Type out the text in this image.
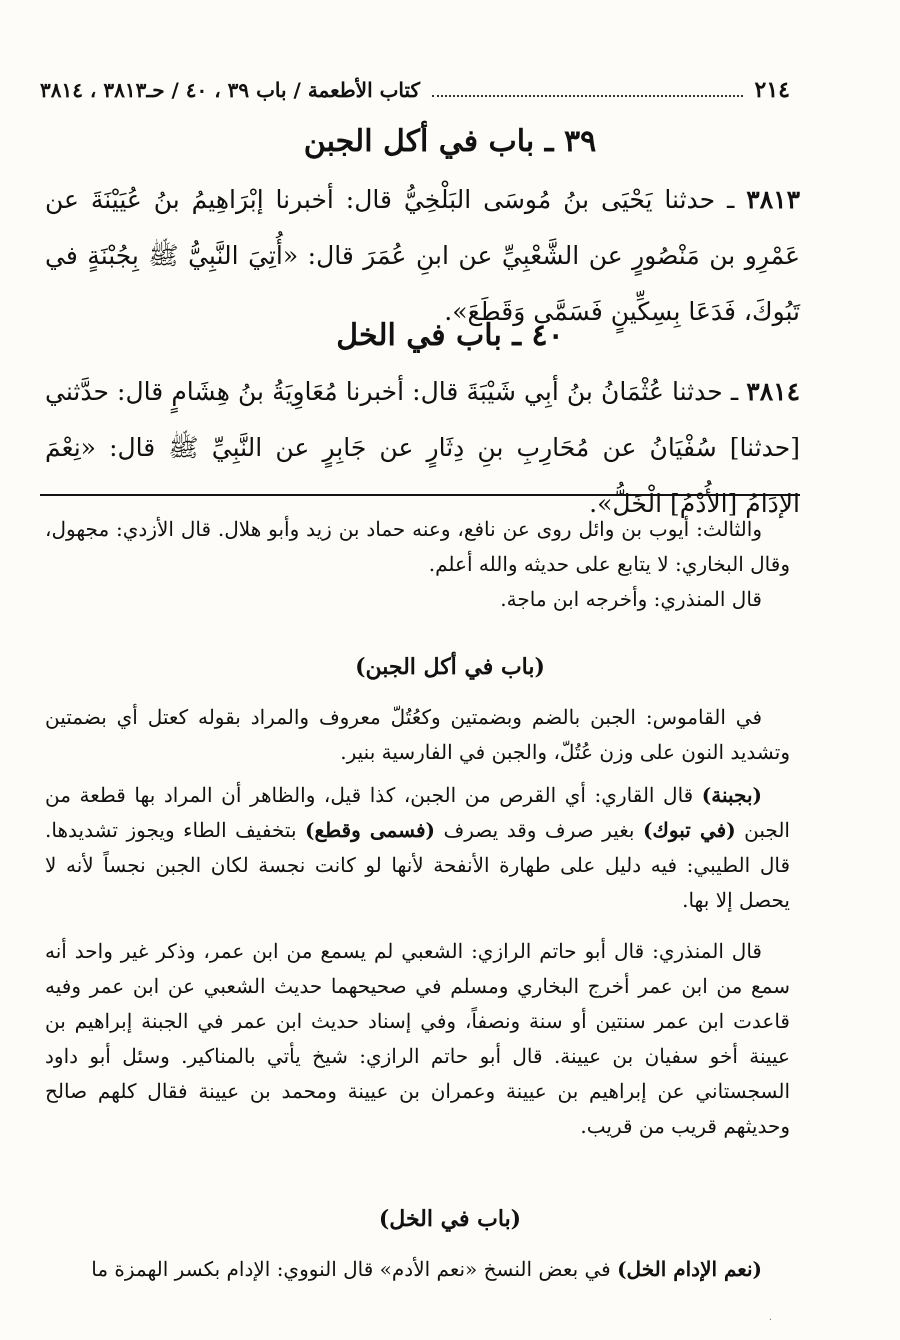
٢١٤
كتاب الأطعمة / باب ٣٩ ، ٤٠ / حـ٣٨١٣ ، ٣٨١٤
٣٩ ـ باب في أكل الجبن
٣٨١٣ ـ حدثنا يَحْيَى بنُ مُوسَى البَلْخِيُّ قال: أخبرنا إبْرَاهِيمُ بنُ عُيَيْنَةَ عن عَمْرِو بن مَنْصُورٍ عن الشَّعْبِيِّ عن ابنِ عُمَرَ قال: «أُتِيَ النَّبِيُّ ﷺ بِجُبْنَةٍ في تَبُوكَ، فَدَعَا بِسِكِّينٍ فَسَمَّى وَقَطَعَ».
٤٠ ـ باب في الخل
٣٨١٤ ـ حدثنا عُثْمَانُ بنُ أبِي شَيْبَةَ قال: أخبرنا مُعَاوِيَةُ بنُ هِشَامٍ قال: حدَّثني [حدثنا] سُفْيَانُ عن مُحَارِبِ بنِ دِثَارٍ عن جَابِرٍ عن النَّبِيِّ ﷺ قال: «نِعْمَ الإدَامُ [الأُدْمُ] الْخَلُّ».

والثالث: أيوب بن وائل روى عن نافع، وعنه حماد بن زيد وأبو هلال. قال الأزدي: مجهول، وقال البخاري: لا يتابع على حديثه والله أعلم.

قال المنذري: وأخرجه ابن ماجة.

(باب في أكل الجبن)

في القاموس: الجبن بالضم وبضمتين وكعُتُلّ معروف والمراد بقوله كعتل أي بضمتين وتشديد النون على وزن عُتُلّ، والجبن في الفارسية بنير.

(بجبنة) قال القاري: أي القرص من الجبن، كذا قيل، والظاهر أن المراد بها قطعة من الجبن (في تبوك) بغير صرف وقد يصرف (فسمى وقطع) بتخفيف الطاء ويجوز تشديدها. قال الطيبي: فيه دليل على طهارة الأنفحة لأنها لو كانت نجسة لكان الجبن نجساً لأنه لا يحصل إلا بها.

قال المنذري: قال أبو حاتم الرازي: الشعبي لم يسمع من ابن عمر، وذكر غير واحد أنه سمع من ابن عمر أخرج البخاري ومسلم في صحيحهما حديث الشعبي عن ابن عمر وفيه قاعدت ابن عمر سنتين أو سنة ونصفاً، وفي إسناد حديث ابن عمر في الجبنة إبراهيم بن عيينة أخو سفيان بن عيينة. قال أبو حاتم الرازي: شيخ يأتي بالمناكير. وسئل أبو داود السجستاني عن إبراهيم بن عيينة وعمران بن عيينة ومحمد بن عيينة فقال كلهم صالح وحديثهم قريب من قريب.

(باب في الخل)

(نعم الإدام الخل) في بعض النسخ «نعم الأدم» قال النووي: الإدام بكسر الهمزة ما

·
